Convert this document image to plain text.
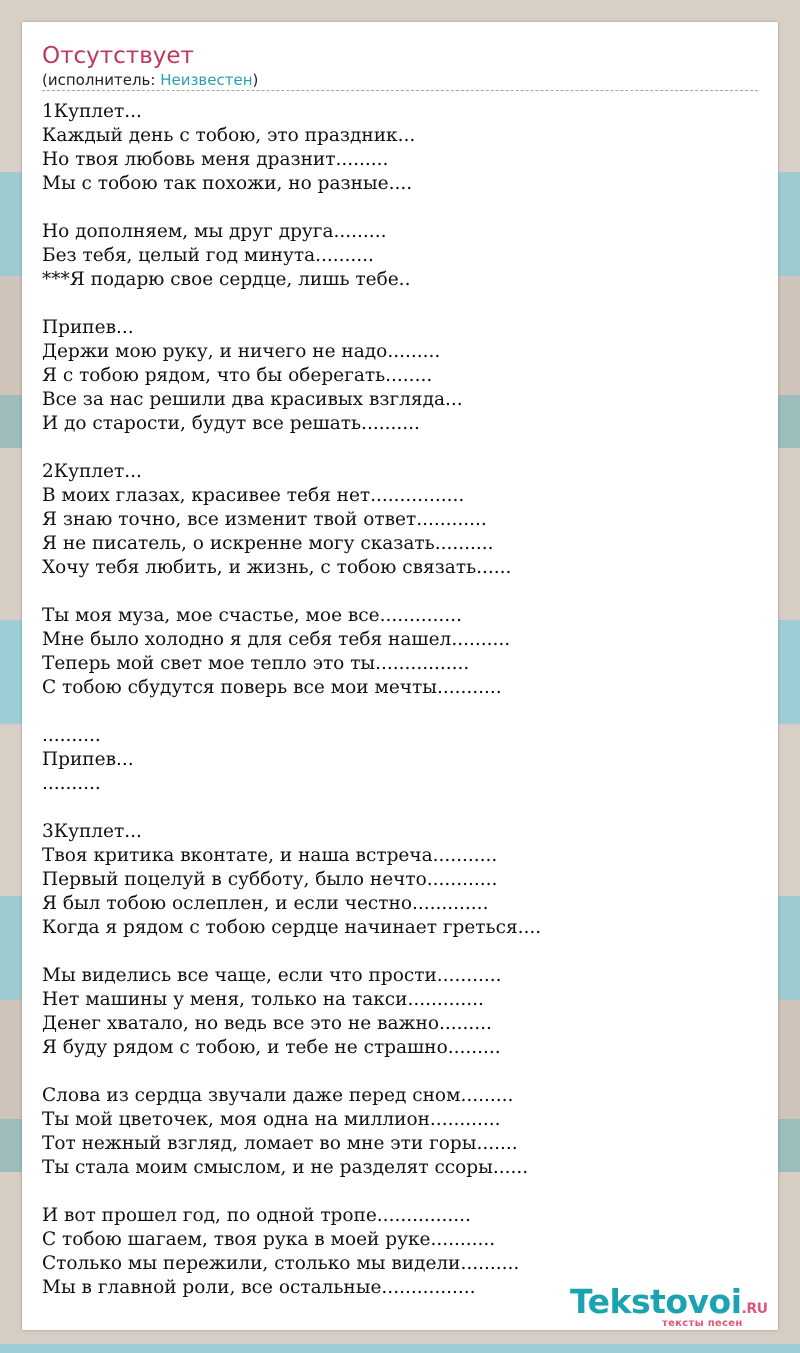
Отсутствует
(исполнитель: Неизвестен)
1Куплет...
Каждый день с тобою, это праздник...
Но твоя любовь меня дразнит.........
Мы с тобою так похожи, но разные....
Но дополняем, мы друг друга.........
Без тебя, целый год минута..........
***Я подарю свое сердце, лишь тебе..
Припев...
Держи мою руку, и ничего не надо.........
Я с тобою рядом, что бы оберегать........
Все за нас решили два красивых взгляда...
И до старости, будут все решать..........
2Куплет...
В моих глазах, красивее тебя нет................
Я знаю точно, все изменит твой ответ............
Я не писатель, о искренне могу сказать..........
Хочу тебя любить, и жизнь, с тобою связать......
Ты моя муза, мое счастье, мое все..............
Мне было холодно я для себя тебя нашел..........
Теперь мой свет мое тепло это ты................
С тобою сбудутся поверь все мои мечты...........
..........
Припев...
..........
3Куплет...
Твоя критика вконтате, и наша встреча...........
Первый поцелуй в субботу, было нечто............
Я был тобою ослеплен, и если честно.............
Когда я рядом с тобою сердце начинает греться....
Мы виделись все чаще, если что прости...........
Нет машины у меня, только на такси.............
Денег хватало, но ведь все это не важно.........
Я буду рядом с тобою, и тебе не страшно.........
Слова из сердца звучали даже перед сном.........
Ты мой цветочек, моя одна на миллион............
Тот нежный взгляд, ломает во мне эти горы.......
Ты стала моим смыслом, и не разделят ссоры......
И вот прошел год, по одной тропе................
С тобою шагаем, твоя рука в моей руке...........
Столько мы пережили, столько мы видели..........
Мы в главной роли, все остальные................	Tekstovoi.RU
тексты песен
